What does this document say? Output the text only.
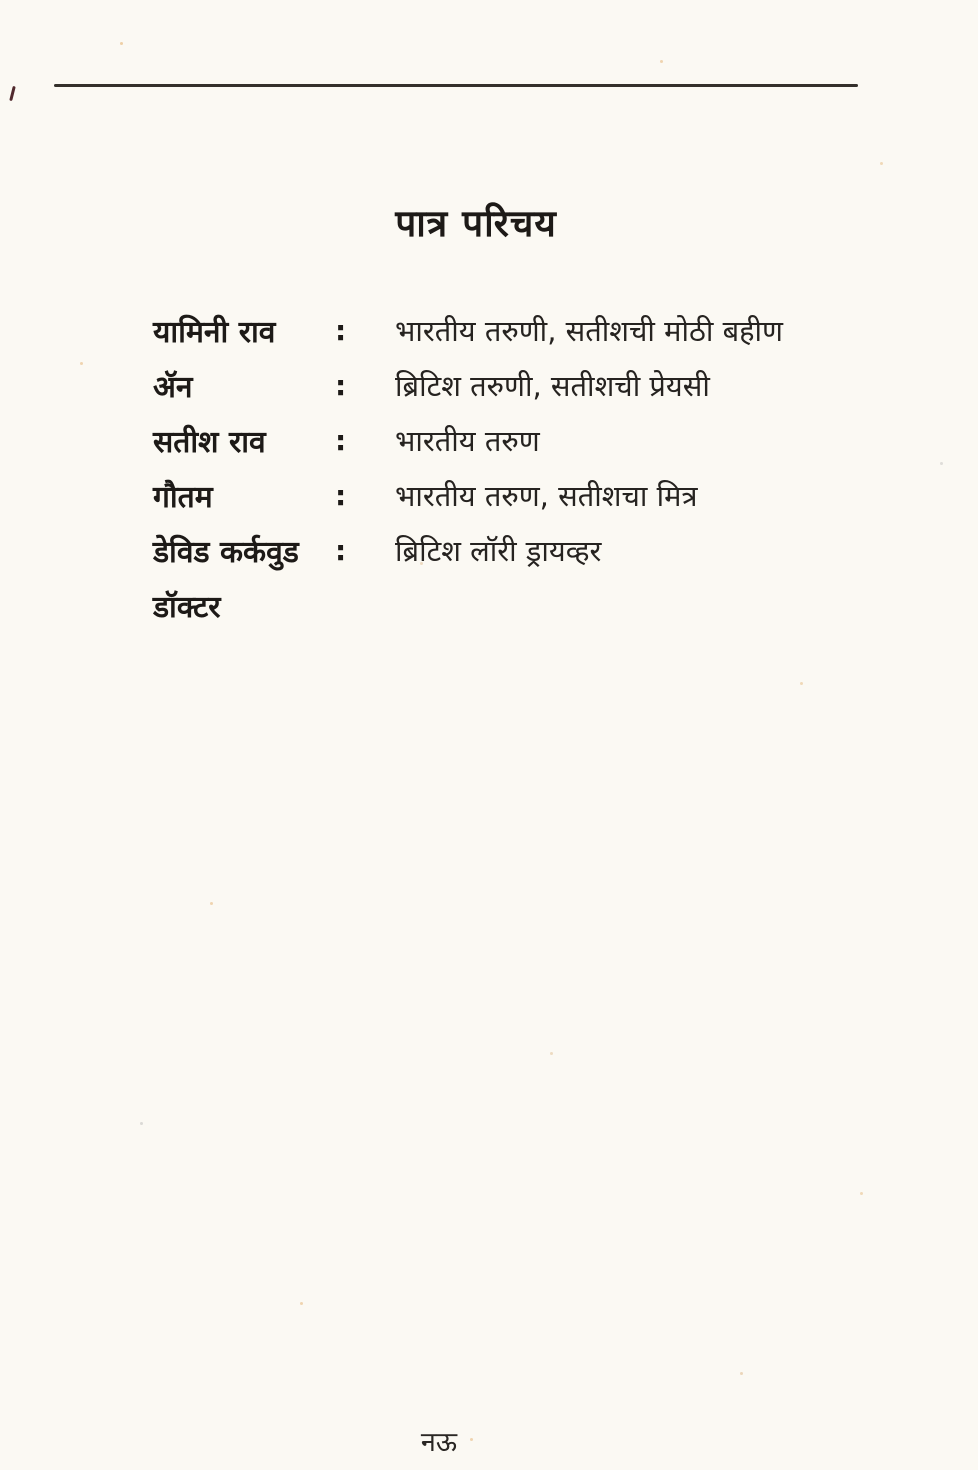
पात्र परिचय
यामिनी राव	:	भारतीय तरुणी, सतीशची मोठी बहीण
ॲन	:	ब्रिटिश तरुणी, सतीशची प्रेयसी
सतीश राव	:	भारतीय तरुण
गौतम	:	भारतीय तरुण, सतीशचा मित्र
डेविड कर्कवुड	:	ब्रिटिश लॉरी ड्रायव्हर
डॉक्टर
नऊ
